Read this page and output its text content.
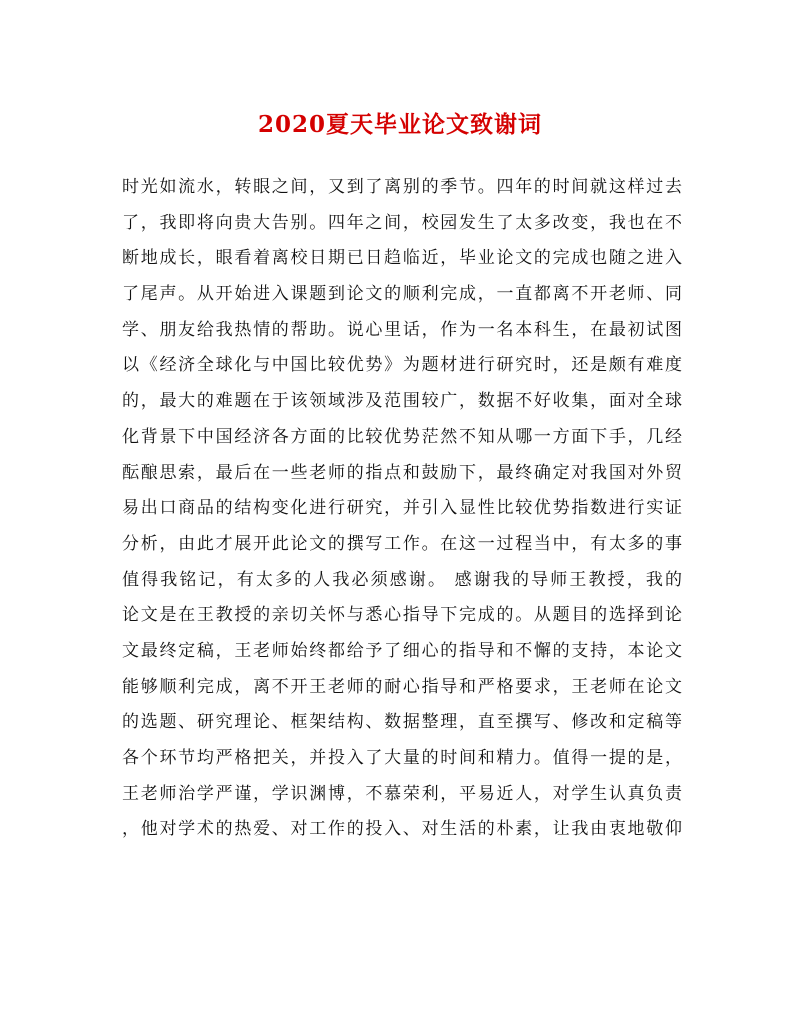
2020夏天毕业论文致谢词
时光如流水，转眼之间，又到了离别的季节。四年的时间就这样过去
了，我即将向贵大告别。四年之间，校园发生了太多改变，我也在不
断地成长，眼看着离校日期已日趋临近，毕业论文的完成也随之进入
了尾声。从开始进入课题到论文的顺利完成，一直都离不开老师、同
学、朋友给我热情的帮助。说心里话，作为一名本科生，在最初试图
以《经济全球化与中国比较优势》为题材进行研究时，还是颇有难度
的，最大的难题在于该领域涉及范围较广，数据不好收集，面对全球
化背景下中国经济各方面的比较优势茫然不知从哪一方面下手，几经
酝酿思索，最后在一些老师的指点和鼓励下，最终确定对我国对外贸
易出口商品的结构变化进行研究，并引入显性比较优势指数进行实证
分析，由此才展开此论文的撰写工作。在这一过程当中，有太多的事
值得我铭记，有太多的人我必须感谢。 感谢我的导师王教授，我的
论文是在王教授的亲切关怀与悉心指导下完成的。从题目的选择到论
文最终定稿，王老师始终都给予了细心的指导和不懈的支持，本论文
能够顺利完成，离不开王老师的耐心指导和严格要求，王老师在论文
的选题、研究理论、框架结构、数据整理，直至撰写、修改和定稿等
各个环节均严格把关，并投入了大量的时间和精力。值得一提的是，
王老师治学严谨，学识渊博，不慕荣利，平易近人，对学生认真负责
，他对学术的热爱、对工作的投入、对生活的朴素，让我由衷地敬仰
